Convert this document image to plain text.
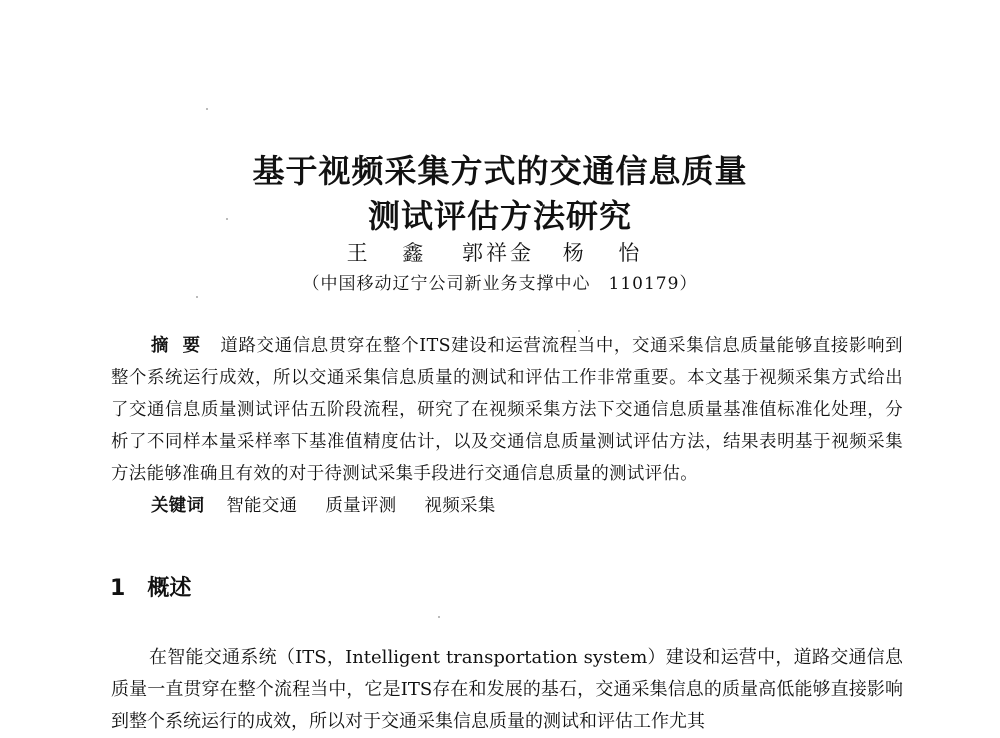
基于视频采集方式的交通信息质量
测试评估方法研究
王 鑫 郭祥金 杨 怡
（中国移动辽宁公司新业务支撑中心　110179）

摘要 道路交通信息贯穿在整个ITS建设和运营流程当中，交通采集信息质量能够直接影响到整个系统运行成效，所以交通采集信息质量的测试和评估工作非常重要。本文基于视频采集方式给出了交通信息质量测试评估五阶段流程，研究了在视频采集方法下交通信息质量基准值标准化处理，分析了不同样本量采样率下基准值精度估计，以及交通信息质量测试评估方法，结果表明基于视频采集方法能够准确且有效的对于待测试采集手段进行交通信息质量的测试评估。

关键词 智能交通 质量评测 视频采集
1 概述

在智能交通系统（ITS，Intelligent transportation system）建设和运营中，道路交通信息质量一直贯穿在整个流程当中，它是ITS存在和发展的基石，交通采集信息的质量高低能够直接影响到整个系统运行的成效，所以对于交通采集信息质量的测试和评估工作尤其
